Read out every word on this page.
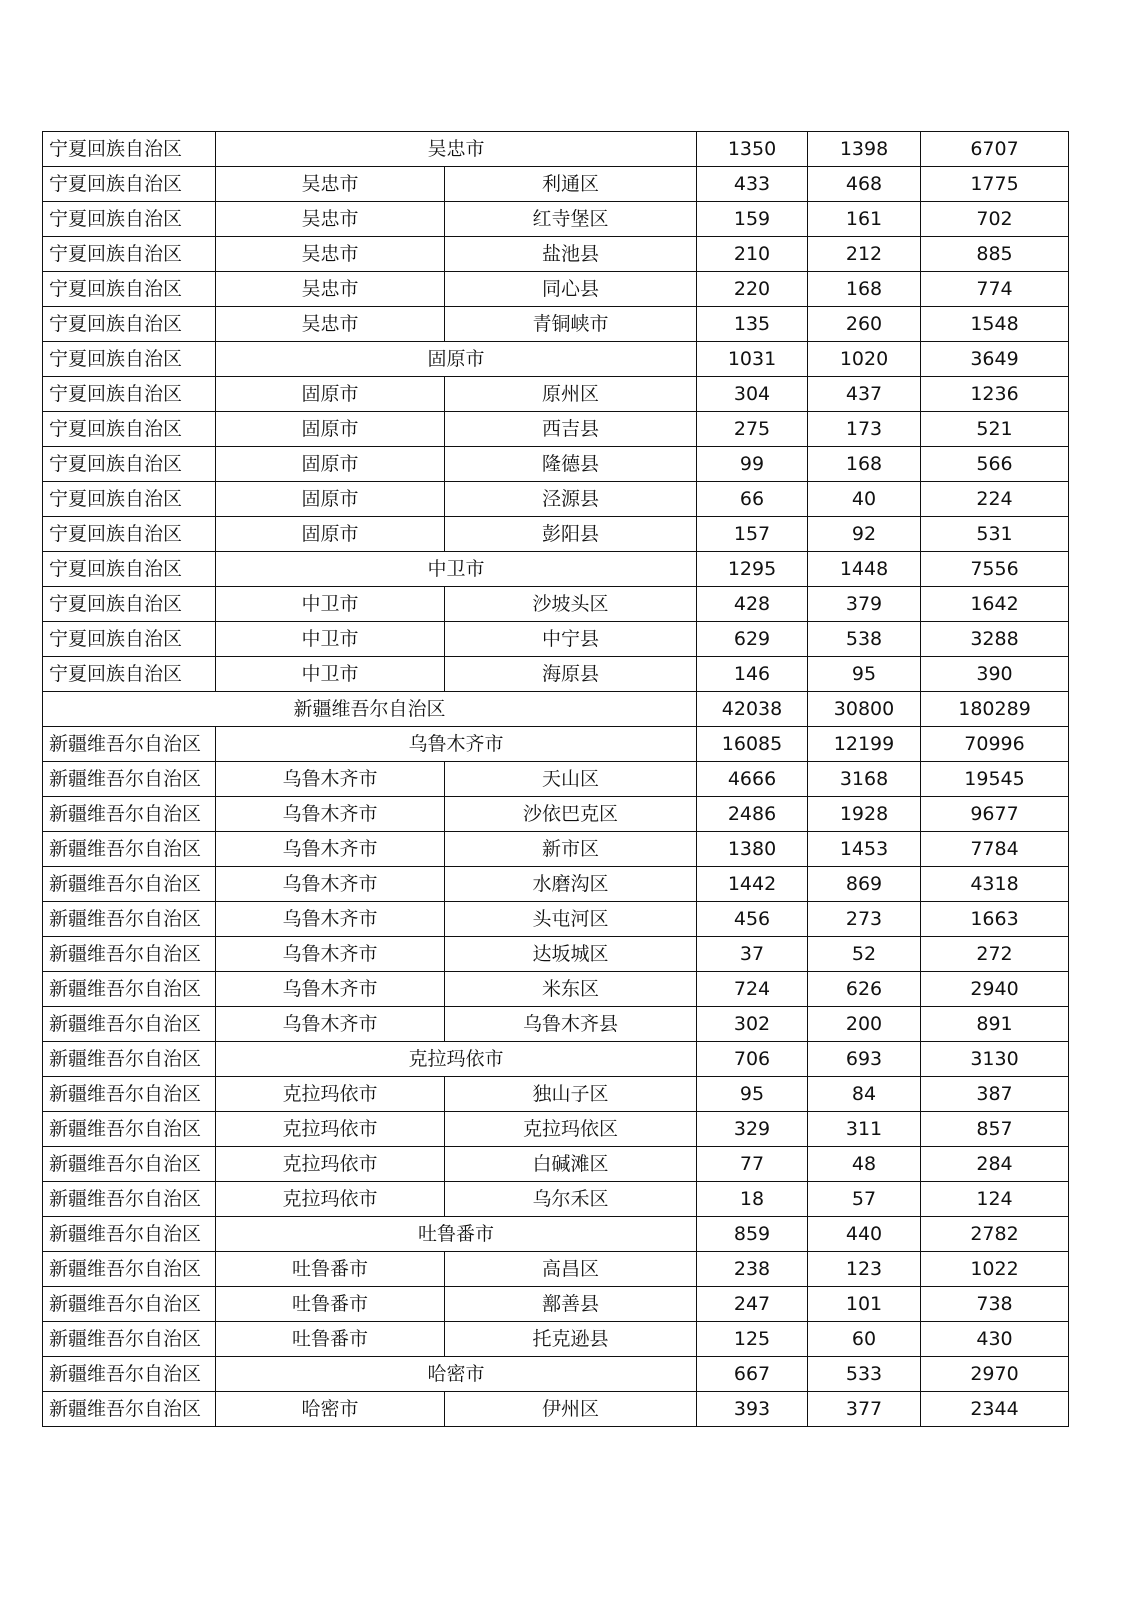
宁夏回族自治区	吴忠市		1350	1398	6707
宁夏回族自治区	吴忠市	利通区	433	468	1775
宁夏回族自治区	吴忠市	红寺堡区	159	161	702
宁夏回族自治区	吴忠市	盐池县	210	212	885
宁夏回族自治区	吴忠市	同心县	220	168	774
宁夏回族自治区	吴忠市	青铜峡市	135	260	1548
宁夏回族自治区	固原市		1031	1020	3649
宁夏回族自治区	固原市	原州区	304	437	1236
宁夏回族自治区	固原市	西吉县	275	173	521
宁夏回族自治区	固原市	隆德县	99	168	566
宁夏回族自治区	固原市	泾源县	66	40	224
宁夏回族自治区	固原市	彭阳县	157	92	531
宁夏回族自治区	中卫市		1295	1448	7556
宁夏回族自治区	中卫市	沙坡头区	428	379	1642
宁夏回族自治区	中卫市	中宁县	629	538	3288
宁夏回族自治区	中卫市	海原县	146	95	390
新疆维吾尔自治区			42038	30800	180289
新疆维吾尔自治区	乌鲁木齐市		16085	12199	70996
新疆维吾尔自治区	乌鲁木齐市	天山区	4666	3168	19545
新疆维吾尔自治区	乌鲁木齐市	沙依巴克区	2486	1928	9677
新疆维吾尔自治区	乌鲁木齐市	新市区	1380	1453	7784
新疆维吾尔自治区	乌鲁木齐市	水磨沟区	1442	869	4318
新疆维吾尔自治区	乌鲁木齐市	头屯河区	456	273	1663
新疆维吾尔自治区	乌鲁木齐市	达坂城区	37	52	272
新疆维吾尔自治区	乌鲁木齐市	米东区	724	626	2940
新疆维吾尔自治区	乌鲁木齐市	乌鲁木齐县	302	200	891
新疆维吾尔自治区	克拉玛依市		706	693	3130
新疆维吾尔自治区	克拉玛依市	独山子区	95	84	387
新疆维吾尔自治区	克拉玛依市	克拉玛依区	329	311	857
新疆维吾尔自治区	克拉玛依市	白碱滩区	77	48	284
新疆维吾尔自治区	克拉玛依市	乌尔禾区	18	57	124
新疆维吾尔自治区	吐鲁番市		859	440	2782
新疆维吾尔自治区	吐鲁番市	高昌区	238	123	1022
新疆维吾尔自治区	吐鲁番市	鄯善县	247	101	738
新疆维吾尔自治区	吐鲁番市	托克逊县	125	60	430
新疆维吾尔自治区	哈密市		667	533	2970
新疆维吾尔自治区	哈密市	伊州区	393	377	2344
